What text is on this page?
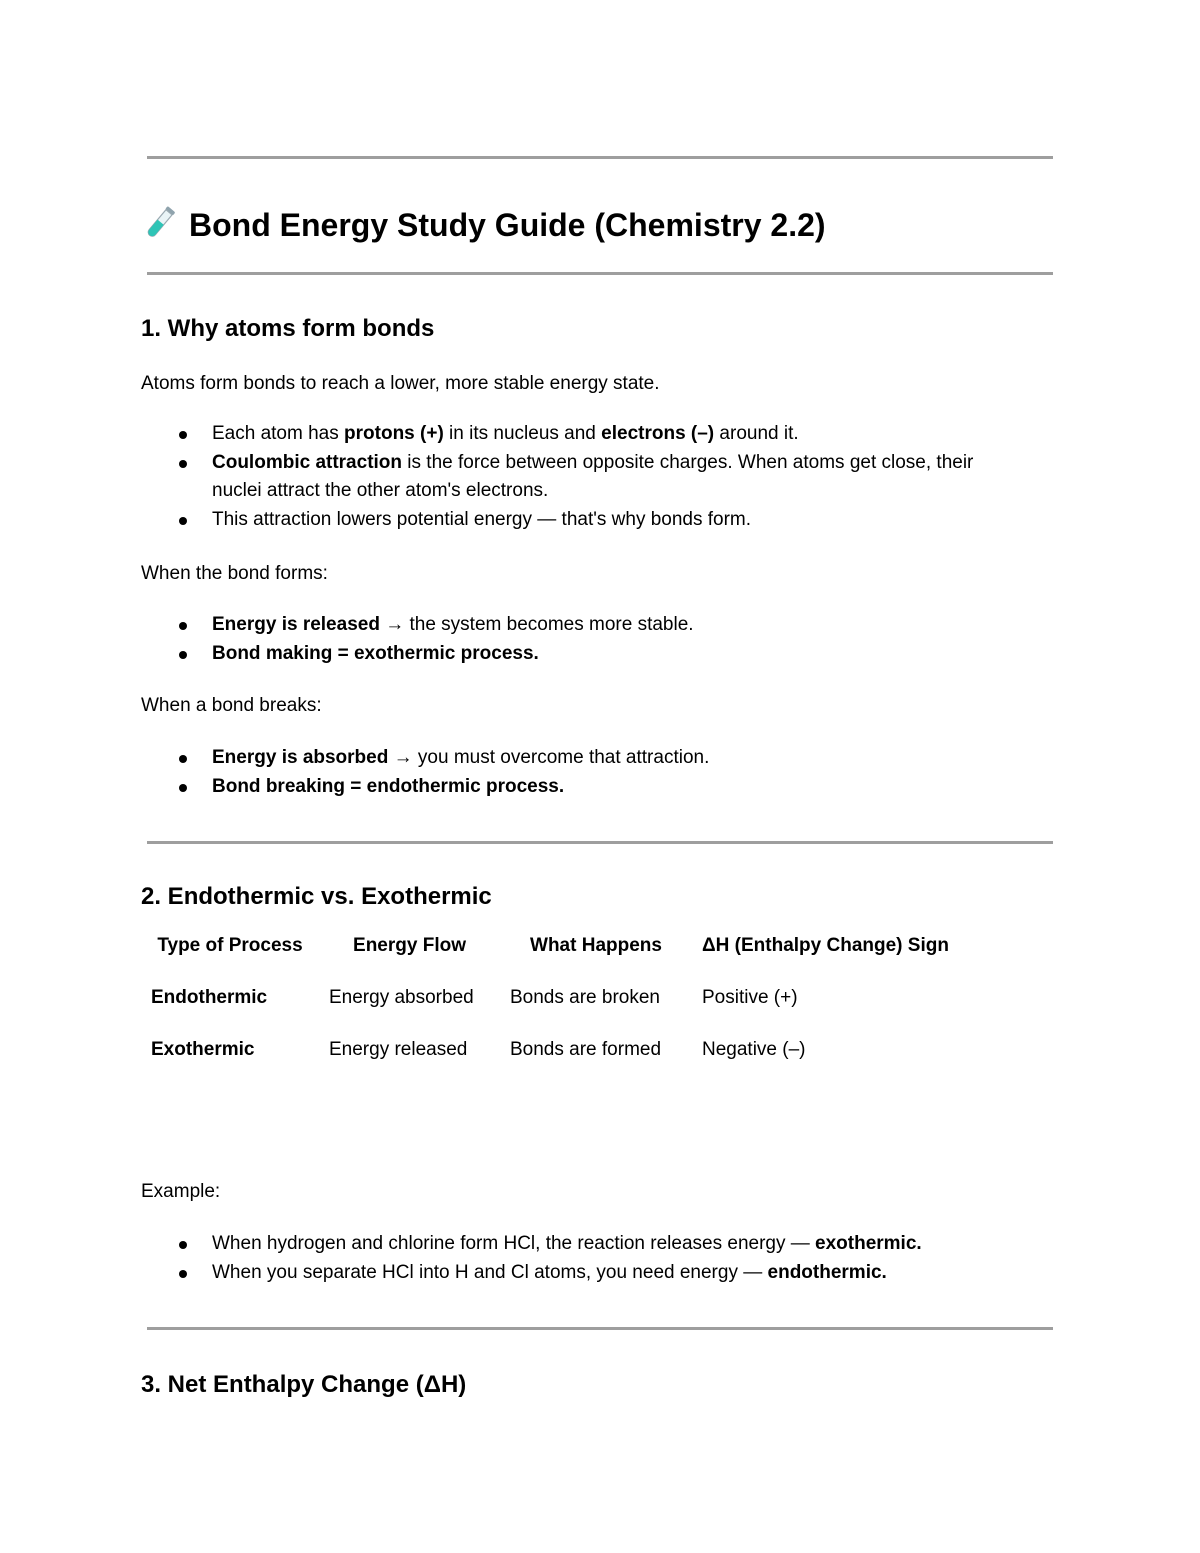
Bond Energy Study Guide (Chemistry 2.2)
1. Why atoms form bonds

Atoms form bonds to reach a lower, more stable energy state.

Each atom has protons (+) in its nucleus and electrons (–) around it.
Coulombic attraction is the force between opposite charges. When atoms get close, their nuclei attract the other atom's electrons.
This attraction lowers potential energy — that's why bonds form.

When the bond forms:

Energy is released → the system becomes more stable.
Bond making = exothermic process.

When a bond breaks:

Energy is absorbed → you must overcome that attraction.
Bond breaking = endothermic process.
2. Endothermic vs. Exothermic
Type of Process	Energy Flow	What Happens	ΔH (Enthalpy Change) Sign
Endothermic	Energy absorbed	Bonds are broken	Positive (+)
Exothermic	Energy released	Bonds are formed	Negative (–)

Example:

When hydrogen and chlorine form HCl, the reaction releases energy — exothermic.
When you separate HCl into H and Cl atoms, you need energy — endothermic.
3. Net Enthalpy Change (ΔH)
